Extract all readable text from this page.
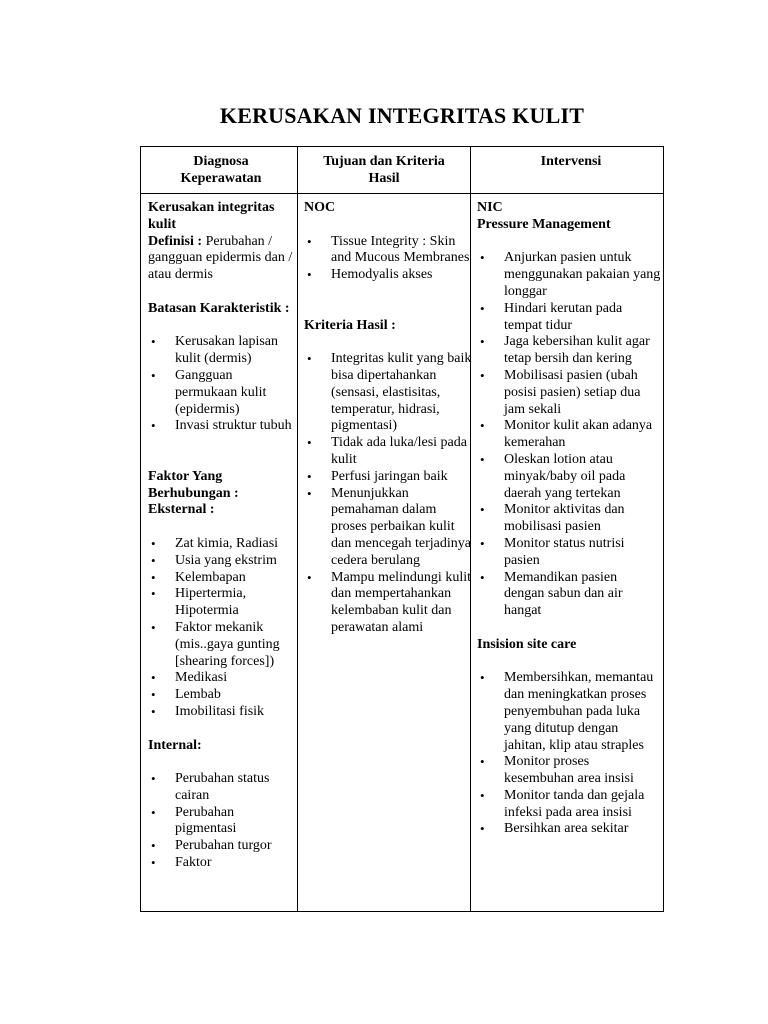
KERUSAKAN INTEGRITAS KULIT
Diagnosa Keperawatan
Tujuan dan Kriteria Hasil
Intervensi

Kerusakan integritas kulit

Definisi : Perubahan / gangguan epidermis dan / atau dermis

Batasan Karakteristik :

• Kerusakan lapisan kulit (dermis)
• Gangguan permukaan kulit (epidermis)
• Invasi struktur tubuh

Faktor Yang Berhubungan : Eksternal :

• Zat kimia, Radiasi
• Usia yang ekstrim
• Kelembapan
• Hipertermia, Hipotermia
• Faktor mekanik (mis..gaya gunting [shearing forces])
• Medikasi
• Lembab
• Imobilitasi fisik

Internal:

• Perubahan status cairan
• Perubahan pigmentasi
• Perubahan turgor
• Faktor

NOC

• Tissue Integrity : Skin and Mucous Membranes
• Hemodyalis akses

Kriteria Hasil :

• Integritas kulit yang baik bisa dipertahankan (sensasi, elastisitas, temperatur, hidrasi, pigmentasi)
• Tidak ada luka/lesi pada kulit
• Perfusi jaringan baik
• Menunjukkan pemahaman dalam proses perbaikan kulit dan mencegah terjadinya cedera berulang
• Mampu melindungi kulit dan mempertahankan kelembaban kulit dan perawatan alami

NIC

Pressure Management

• Anjurkan pasien untuk menggunakan pakaian yang longgar
• Hindari kerutan pada tempat tidur
• Jaga kebersihan kulit agar tetap bersih dan kering
• Mobilisasi pasien (ubah posisi pasien) setiap dua jam sekali
• Monitor kulit akan adanya kemerahan
• Oleskan lotion atau minyak/baby oil pada daerah yang tertekan
• Monitor aktivitas dan mobilisasi pasien
• Monitor status nutrisi pasien
• Memandikan pasien dengan sabun dan air hangat

Insision site care

• Membersihkan, memantau dan meningkatkan proses penyembuhan pada luka yang ditutup dengan jahitan, klip atau straples
• Monitor proses kesembuhan area insisi
• Monitor tanda dan gejala infeksi pada area insisi
• Bersihkan area sekitar
